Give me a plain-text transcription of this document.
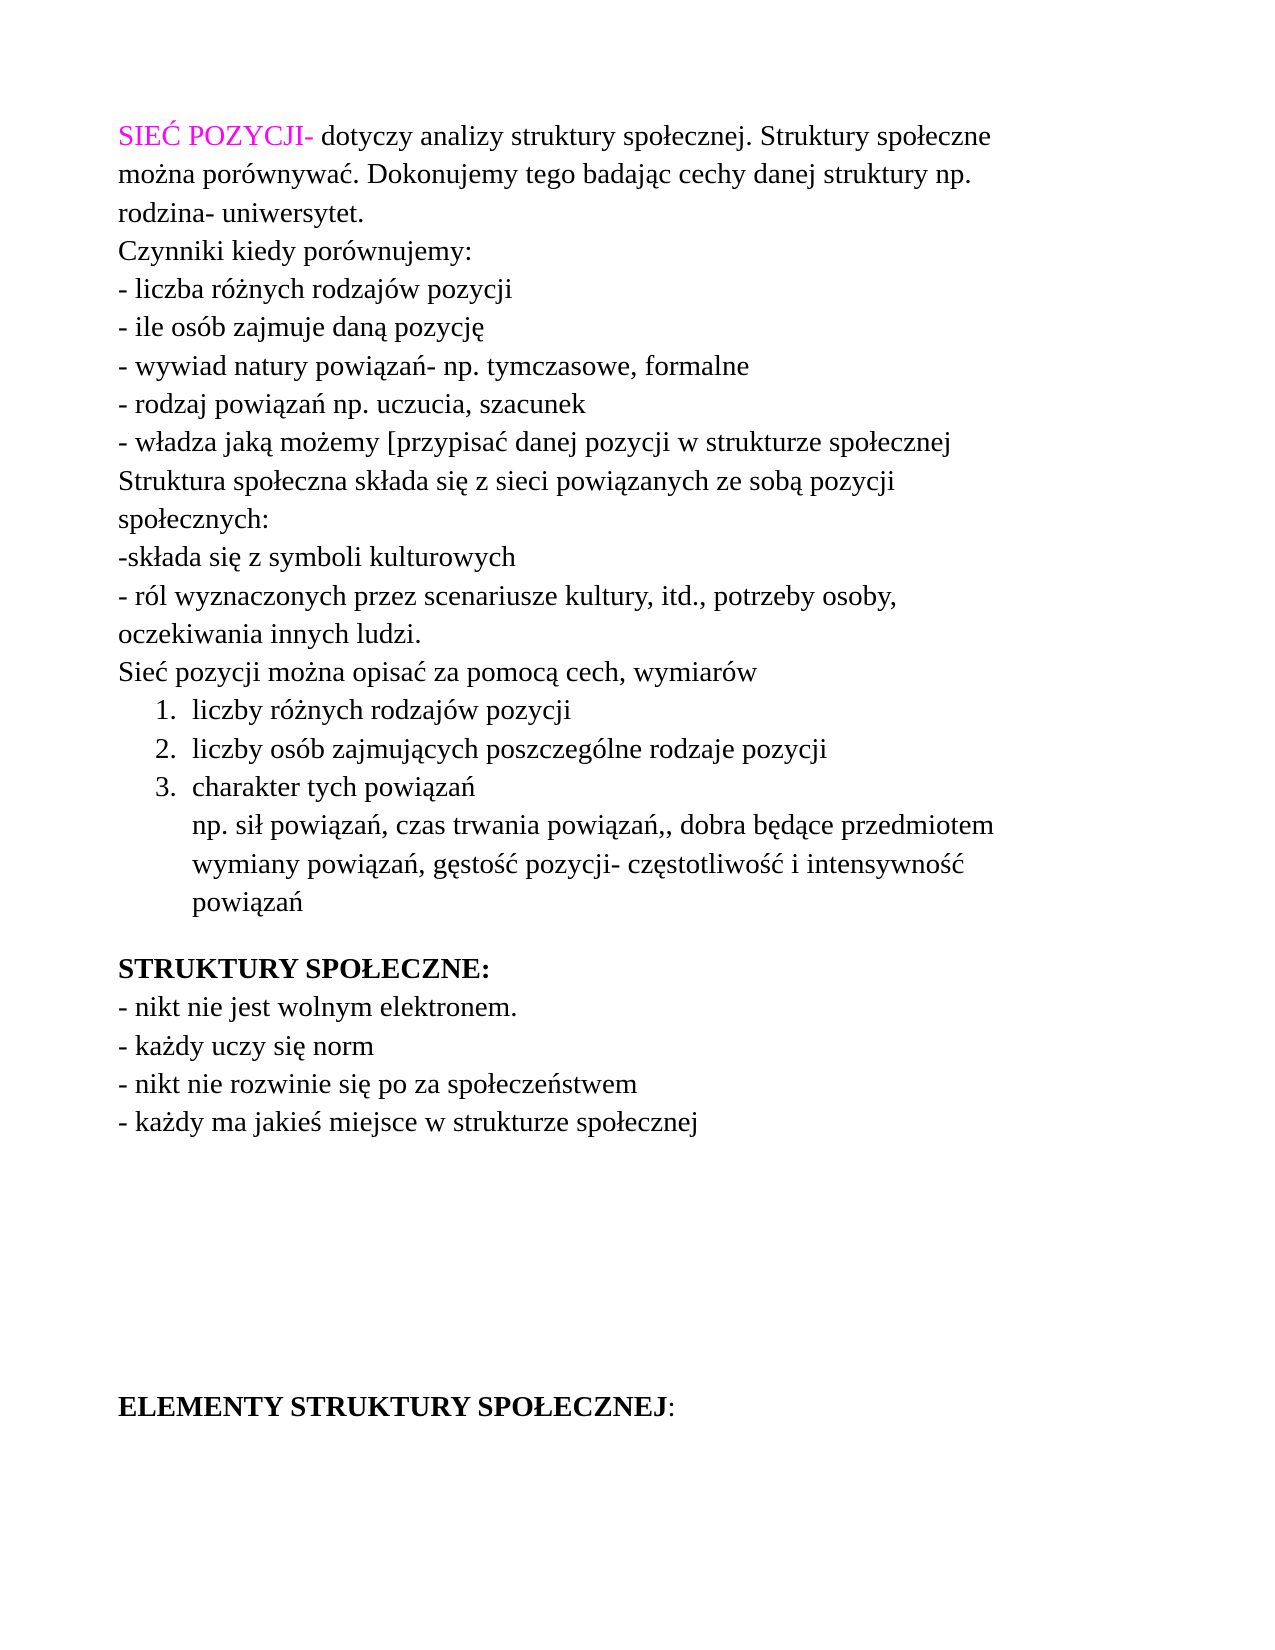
SIEĆ POZYCJI- dotyczy analizy struktury społecznej. Struktury społeczne
można porównywać. Dokonujemy tego badając cechy danej struktury np.
rodzina- uniwersytet.
Czynniki kiedy porównujemy:
- liczba różnych rodzajów pozycji
- ile osób zajmuje daną pozycję
- wywiad natury powiązań- np. tymczasowe, formalne
- rodzaj powiązań np. uczucia, szacunek
- władza jaką możemy [przypisać danej pozycji w strukturze społecznej
Struktura społeczna składa się z sieci powiązanych ze sobą pozycji
społecznych:
-składa się z symboli kulturowych
- ról wyznaczonych przez scenariusze kultury, itd., potrzeby osoby,
oczekiwania innych ludzi.
Sieć pozycji można opisać za pomocą cech, wymiarów
1. liczby różnych rodzajów pozycji
2. liczby osób zajmujących poszczególne rodzaje pozycji
3. charakter tych powiązań
np. sił powiązań, czas trwania powiązań,, dobra będące przedmiotem
wymiany powiązań, gęstość pozycji- częstotliwość i intensywność
powiązań
STRUKTURY SPOŁECZNE:
- nikt nie jest wolnym elektronem.
- każdy uczy się norm
- nikt nie rozwinie się po za społeczeństwem
- każdy ma jakieś miejsce w strukturze społecznej
ELEMENTY STRUKTURY SPOŁECZNEJ:
